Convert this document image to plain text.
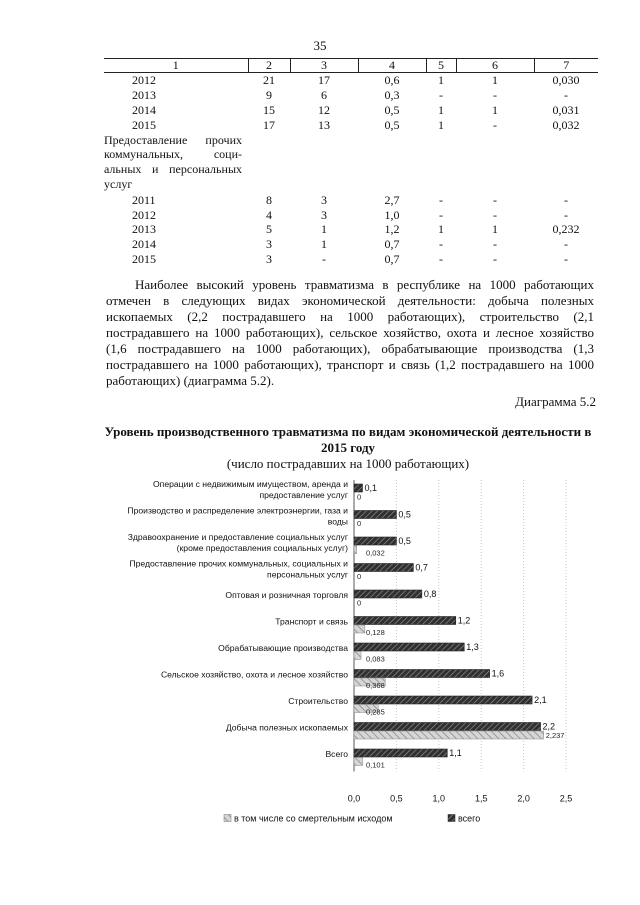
35
1	2	3	4	5	6	7
2012	21	17	0,6	1	1	0,030
2013	9	6	0,3	-	-	-
2014	15	12	0,5	1	1	0,031
2015	17	13	0,5	1	-	0,032

Предоставление прочих
коммунальных, соци-
альных и персональных
услуг						

2011	8	3	2,7	-	-	-
2012	4	3	1,0	-	-	-
2013	5	1	1,2	1	1	0,232
2014	3	1	0,7	-	-	-
2015	3	-	0,7	-	-	-

Наиболее высокий уровень травматизма в республике на 1000 работающих отмечен в следующих видах экономической деятельности: добыча полезных ископаемых (2,2 пострадавшего на 1000 работающих), строительство (2,1 пострадавшего на 1000 работающих), сельское хозяйство, охота и лесное хозяйство (1,6 пострадавшего на 1000 работающих), обрабатывающие производства (1,3 пострадавшего на 1000 работающих), транспорт и связь (1,2 пострадавшего на 1000 работающих) (диаграмма 5.2).

Диаграмма 5.2
Уровень производственного травматизма по видам экономической деятельности в 2015 году
(число пострадавших на 1000 работающих)
0,1
0
Операции с недвижимым имуществом, аренда и
предоставление услуг
0,5
0
Производство и распределение электроэнергии, газа и
воды
0,5
0,032
Здравоохранение и предоставление социальных услуг
(кроме предоставления социальных услуг)
0,7
0
Предоставление прочих коммунальных, социальных и
персональных услуг
0,8
0
Оптовая и розничная торговля
1,2
0,128
Транспорт и связь
1,3
0,083
Обрабатывающие производства
1,6
0,368
Сельское хозяйство, охота и лесное хозяйство
2,1
0,285
Строительство
2,2
2,237
Добыча полезных ископаемых
1,1
0,101
Всего
0,0	0,5	1,0	1,5	2,0	2,5
в том числе со смертельным исходом	всего
